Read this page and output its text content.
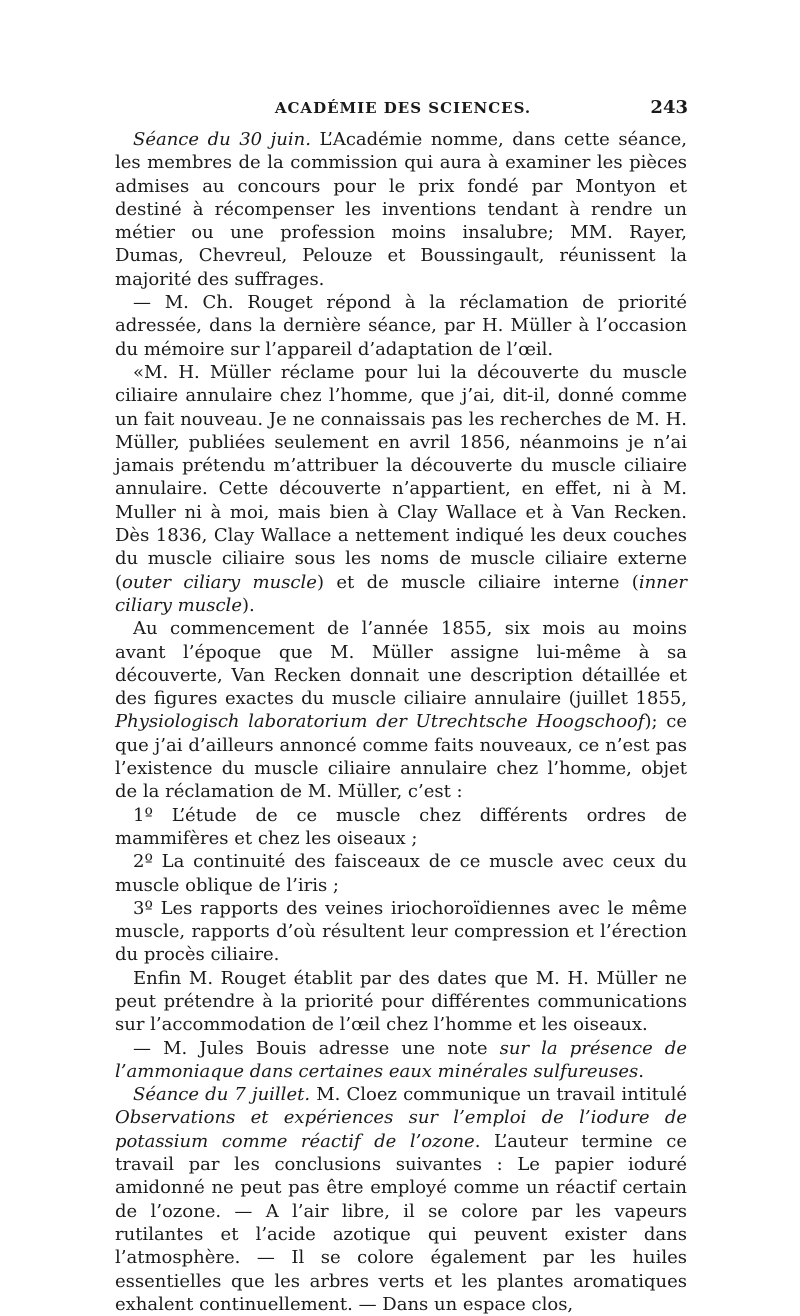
ACADÉMIE DES SCIENCES.	243

Séance du 30 juin. L’Académie nomme, dans cette séance, les membres de la commission qui aura à examiner les pièces admises au concours pour le prix fondé par Montyon et destiné à récompenser les inventions tendant à rendre un métier ou une profession moins insalubre; MM. Rayer, Dumas, Chevreul, Pelouze et Boussingault, réunissent la majorité des suffrages.

— M. Ch. Rouget répond à la réclamation de priorité adressée, dans la dernière séance, par H. Müller à l’occasion du mémoire sur l’appareil d’adaptation de l’œil.

«M. H. Müller réclame pour lui la découverte du muscle ciliaire annulaire chez l’homme, que j’ai, dit-il, donné comme un fait nouveau. Je ne connaissais pas les recherches de M. H. Müller, publiées seulement en avril 1856, néanmoins je n’ai jamais prétendu m’attribuer la découverte du muscle ciliaire annulaire. Cette découverte n’appartient, en effet, ni à M. Muller ni à moi, mais bien à Clay Wallace et à Van Recken. Dès 1836, Clay Wallace a nettement indiqué les deux couches du muscle ciliaire sous les noms de muscle ciliaire externe (outer ciliary muscle) et de muscle ciliaire interne (inner ciliary muscle).

Au commencement de l’année 1855, six mois au moins avant l’époque que M. Müller assigne lui-même à sa découverte, Van Recken donnait une description détaillée et des figures exactes du muscle ciliaire annulaire (juillet 1855, Physiologisch laboratorium der Utrechtsche Hoogschoof); ce que j’ai d’ailleurs annoncé comme faits nouveaux, ce n’est pas l’existence du muscle ciliaire annulaire chez l’homme, objet de la réclamation de M. Müller, c’est :

1º L’étude de ce muscle chez différents ordres de mammifères et chez les oiseaux ;

2º La continuité des faisceaux de ce muscle avec ceux du muscle oblique de l’iris ;

3º Les rapports des veines iriochoroïdiennes avec le même muscle, rapports d’où résultent leur compression et l’érection du procès ciliaire.

Enfin M. Rouget établit par des dates que M. H. Müller ne peut prétendre à la priorité pour différentes communications sur l’accommodation de l’œil chez l’homme et les oiseaux.

— M. Jules Bouis adresse une note sur la présence de l’ammoniaque dans certaines eaux minérales sulfureuses.

Séance du 7 juillet. M. Cloez communique un travail intitulé Observations et expériences sur l’emploi de l’iodure de potassium comme réactif de l’ozone. L’auteur termine ce travail par les conclusions suivantes : Le papier ioduré amidonné ne peut pas être employé comme un réactif certain de l’ozone. — A l’air libre, il se colore par les vapeurs rutilantes et l’acide azotique qui peuvent exister dans l’atmosphère. — Il se colore également par les huiles essentielles que les arbres verts et les plantes aromatiques exhalent continuellement. — Dans un espace clos,
